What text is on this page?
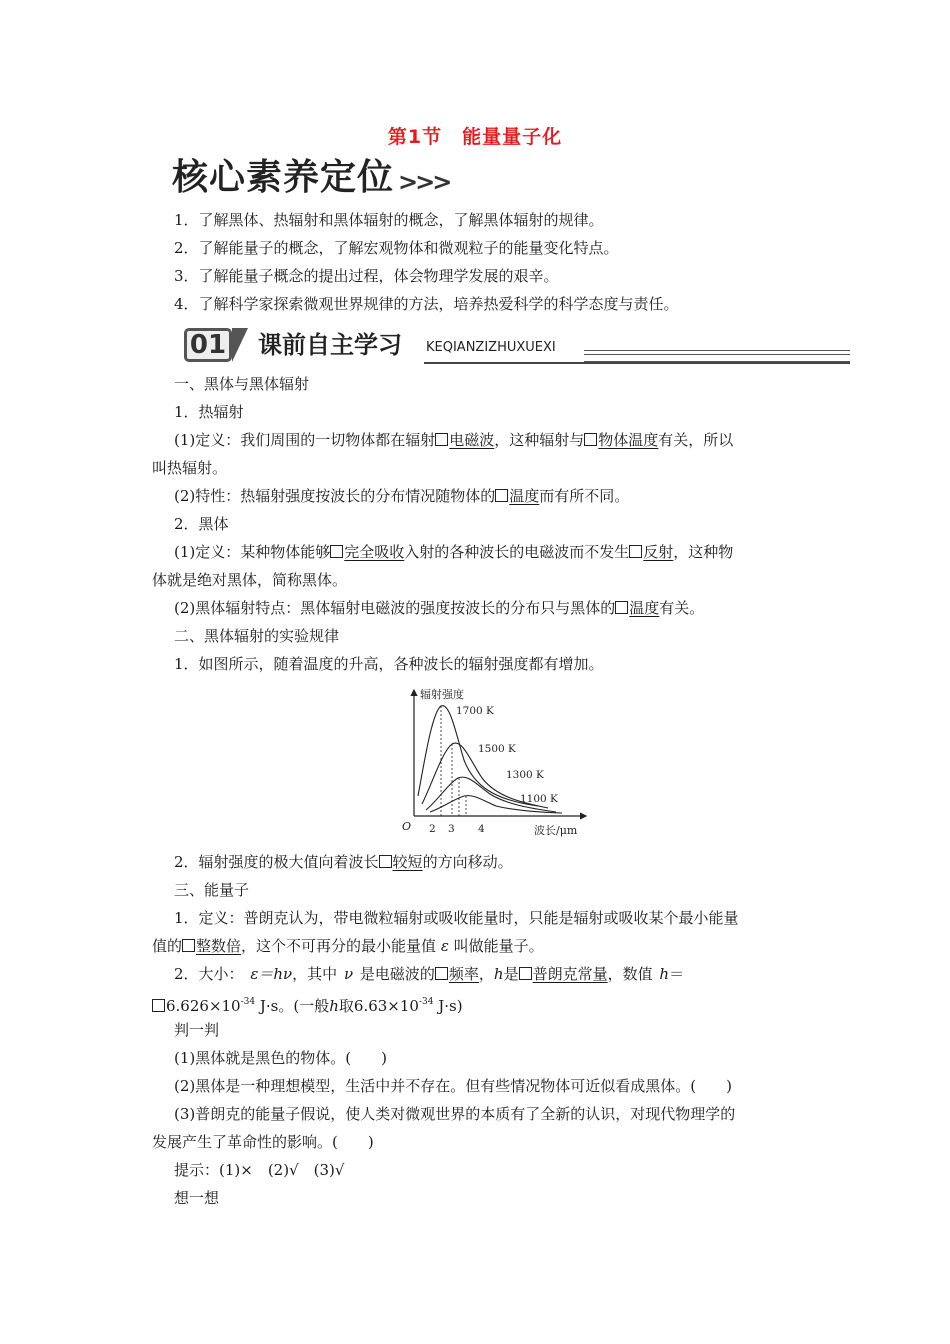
第1节　能量量子化
核心素养定位 >>>
1．了解黑体、热辐射和黑体辐射的概念，了解黑体辐射的规律。
2．了解能量子的概念，了解宏观物体和微观粒子的能量变化特点。
3．了解能量子概念的提出过程，体会物理学发展的艰辛。
4．了解科学家探索微观世界规律的方法，培养热爱科学的科学态度与责任。
01 课前自主学习 KEQIANZIZHUXUEXI
一、黑体与黑体辐射
1．热辐射
(1)定义：我们周围的一切物体都在辐射 电磁波，这种辐射与 物体温度有关，所以
叫热辐射。
(2)特性：热辐射强度按波长的分布情况随物体的 温度而有所不同。
2．黑体
(1)定义：某种物体能够 完全吸收入射的各种波长的电磁波而不发生 反射，这种物
体就是绝对黑体，简称黑体。
(2)黑体辐射特点：黑体辐射电磁波的强度按波长的分布只与黑体的 温度有关。
二、黑体辐射的实验规律
1．如图所示，随着温度的升高，各种波长的辐射强度都有增加。
辐射强度
1700 K
1500 K
1300 K
1100 K
O 2 3 4	波长/μm
2．辐射强度的极大值向着波长 较短的方向移动。
三、能量子
1．定义：普朗克认为，带电微粒辐射或吸收能量时，只能是辐射或吸收某个最小能量
值的 整数倍，这个不可再分的最小能量值 ε 叫做能量子。
2．大小： ε＝hν，其中 ν 是电磁波的 频率，h是 普朗克常量，数值 h＝
$6.626\times 10^{-34}$ J·s。(一般h取$6.63\times 10^{-34}$ J·s)
判一判
(1)黑体就是黑色的物体。(　　)
(2)黑体是一种理想模型，生活中并不存在。但有些情况物体可近似看成黑体。(　　)
(3)普朗克的能量子假说，使人类对微观世界的本质有了全新的认识，对现代物理学的
发展产生了革命性的影响。(　　)
提示：(1)×　(2)√　(3)√
想一想
